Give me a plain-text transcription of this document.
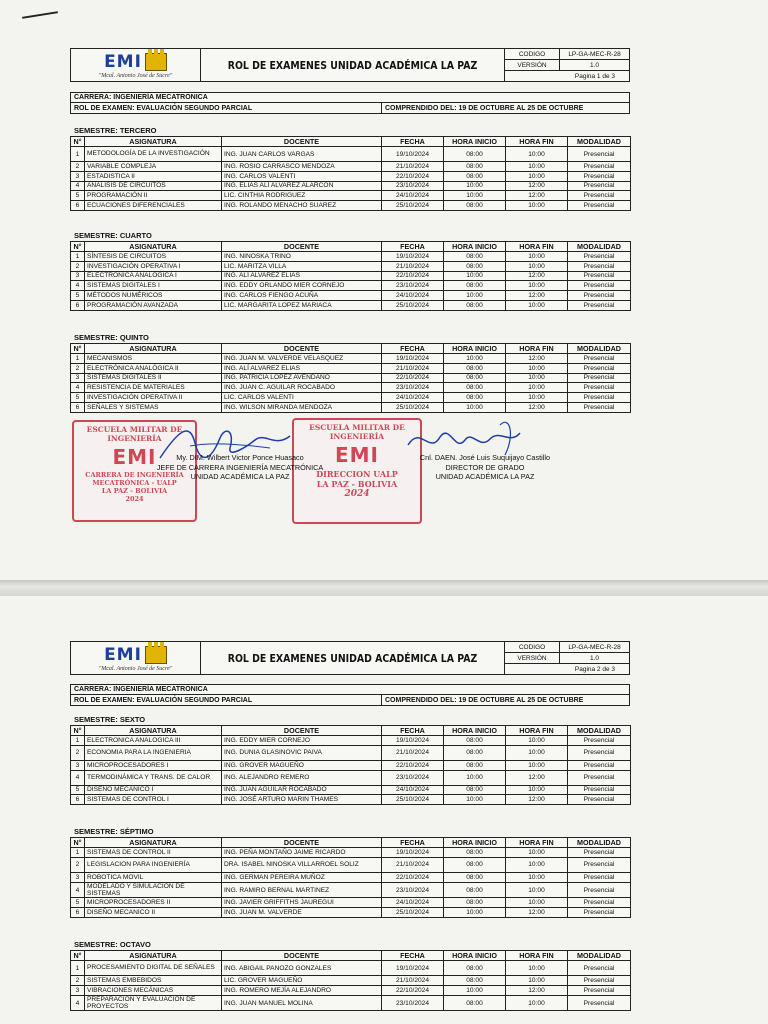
EMI
"Mcal. Antonio José de Sucre"
ROL DE EXAMENES UNIDAD ACADÉMICA LA PAZ
CODIGO	LP-GA-MEC-R-28
VERSIÓN	1.0
Pagina 1 de 3
CARRERA: INGENIERÍA MECATRÓNICA
ROL DE EXAMEN: EVALUACIÓN SEGUNDO PARCIAL	COMPRENDIDO DEL: 19 DE OCTUBRE AL 25 DE OCTUBRE
SEMESTRE: TERCERO
N°	ASIGNATURA	DOCENTE	FECHA	HORA INICIO	HORA FIN	MODALIDAD
1	METODOLOGÍA DE LA INVESTIGACIÓN	ING. JUAN CARLOS VARGAS	19/10/2024	08:00	10:00	Presencial
2	VARIABLE COMPLEJA	ING. ROSIO CARRASCO MENDOZA	21/10/2024	08:00	10:00	Presencial
3	ESTADISTICA II	ING. CARLOS VALENTI	22/10/2024	08:00	10:00	Presencial
4	ANÁLISIS DE CIRCUITOS	ING. ELIAS ALÍ ALVAREZ ALARCON	23/10/2024	10:00	12:00	Presencial
5	PROGRAMACIÓN II	LIC. CINTHIA RODRIGUEZ	24/10/2024	10:00	12:00	Presencial
6	ECUACIONES DIFERENCIALES	ING. ROLANDO MENACHO SUAREZ	25/10/2024	08:00	10:00	Presencial
SEMESTRE: CUARTO
N°	ASIGNATURA	DOCENTE	FECHA	HORA INICIO	HORA FIN	MODALIDAD
1	SÍNTESIS DE CIRCUITOS	ING. NINOSKA TRINO	19/10/2024	08:00	10:00	Presencial
2	INVESTIGACIÓN OPERATIVA I	LIC. MARITZA VILLA	21/10/2024	08:00	10:00	Presencial
3	ELECTRÓNICA ANALÓGICA I	ING. ALÍ ALVAREZ ELIAS	22/10/2024	10:00	12:00	Presencial
4	SISTEMAS DIGITALES I	ING. EDDY ORLANDO MIER CORNEJO	23/10/2024	08:00	10:00	Presencial
5	MÉTODOS NUMÉRICOS	ING. CARLOS FIENGO ACUÑA	24/10/2024	10:00	12:00	Presencial
6	PROGRAMACIÓN AVANZADA	LIC. MARGARITA LOPEZ MARIACA	25/10/2024	08:00	10:00	Presencial
SEMESTRE: QUINTO
N°	ASIGNATURA	DOCENTE	FECHA	HORA INICIO	HORA FIN	MODALIDAD
1	MECANISMOS	ING. JUAN M. VALVERDE VELASQUEZ	19/10/2024	10:00	12:00	Presencial
2	ELECTRÓNICA ANALÓGICA II	ING. ALÍ ALVAREZ ELIAS	21/10/2024	08:00	10:00	Presencial
3	SISTEMAS DIGITALES II	ING. PATRICIA LOPEZ AVENDAÑO	22/10/2024	08:00	10:00	Presencial
4	RESISTENCIA DE MATERIALES	ING. JUAN C. AGUILAR ROCABADO	23/10/2024	08:00	10:00	Presencial
5	INVESTIGACIÓN OPERATIVA II	LIC. CARLOS VALENTI	24/10/2024	08:00	10:00	Presencial
6	SEÑALES Y SISTEMAS	ING. WILSON MIRANDA MENDOZA	25/10/2024	10:00	12:00	Presencial
ESCUELA MILITAR DE INGENIERÍA
EMI
CARRERA DE INGENIERÍA
MECATRÓNICA - UALP
LA PAZ - BOLIVIA
2024
ESCUELA MILITAR DE INGENIERÍA
EMI
DIRECCION UALP
LA PAZ - BOLIVIA
2024
My. DIM. Wilbert Victor Ponce Huasaco
JEFE DE CARRERA INGENIERÍA MECATRÓNICA
UNIDAD ACADÉMICA LA PAZ
Cnl. DAEN. José Luis Suquijayo Castillo
DIRECTOR DE GRADO
UNIDAD ACADÉMICA LA PAZ
EMI
"Mcal. Antonio José de Sucre"
ROL DE EXAMENES UNIDAD ACADÉMICA LA PAZ
CODIGO	LP-GA-MEC-R-28
VERSIÓN	1.0
Pagina 2 de 3
CARRERA: INGENIERÍA MECATRÓNICA
ROL DE EXAMEN: EVALUACIÓN SEGUNDO PARCIAL	COMPRENDIDO DEL: 19 DE OCTUBRE AL 25 DE OCTUBRE
SEMESTRE: SEXTO
N°	ASIGNATURA	DOCENTE	FECHA	HORA INICIO	HORA FIN	MODALIDAD
1	ELECTRONICA ANALOGICA III	ING. EDDY MIER CORNEJO	19/10/2024	08:00	10:00	Presencial
2	ECONOMIA PARA LA INGENIERIA	ING. DUNIA GLASINOVIC PAIVA	21/10/2024	08:00	10:00	Presencial
3	MICROPROCESADORES I	ING. GROVER MAGUEÑO	22/10/2024	08:00	10:00	Presencial
4	TERMODINÁMICA Y TRANS. DE CALOR	ING. ALEJANDRO REMERO	23/10/2024	10:00	12:00	Presencial
5	DISEÑO MECANICO I	ING. JUAN AGUILAR ROCABADO	24/10/2024	08:00	10:00	Presencial
6	SISTEMAS DE CONTROL I	ING. JOSÉ ARTURO MARIN THAMES	25/10/2024	10:00	12:00	Presencial
SEMESTRE: SÉPTIMO
N°	ASIGNATURA	DOCENTE	FECHA	HORA INICIO	HORA FIN	MODALIDAD
1	SISTEMAS DE CONTROL II	ING. PEÑA MONTAÑO JAIME RICARDO	19/10/2024	08:00	10:00	Presencial
2	LEGISLACION PARA INGENIERÍA	DRA. ISABEL NINOSKA VILLARROEL SOLIZ	21/10/2024	08:00	10:00	Presencial
3	ROBOTICA MOVIL	ING. GERMAN PEREIRA MUÑOZ	22/10/2024	08:00	10:00	Presencial
4	MODELADO Y SIMULACION DE SISTEMAS	ING. RAMIRO BERNAL MARTINEZ	23/10/2024	08:00	10:00	Presencial
5	MICROPROCESADORES II	ING. JAVIER GRIFFITHS JAUREGUI	24/10/2024	08:00	10:00	Presencial
6	DISEÑO MECANICO II	ING. JUAN M. VALVERDE	25/10/2024	10:00	12:00	Presencial
SEMESTRE: OCTAVO
N°	ASIGNATURA	DOCENTE	FECHA	HORA INICIO	HORA FIN	MODALIDAD
1	PROCESAMIENTO DIGITAL DE SEÑALES	ING. ABIGAIL PANOZO GONZALES	19/10/2024	08:00	10:00	Presencial
2	SISTEMAS EMBEBIDOS	LIC. GROVER MAGUEÑO	21/10/2024	08:00	10:00	Presencial
3	VIBRACIONES MECÁNICAS	ING. ROMERO MEJÍA ALEJANDRO	22/10/2024	10:00	12:00	Presencial
4	PREPARACIÓN Y EVALUACION DE PROYECTOS	ING. JUAN MANUEL MOLINA	23/10/2024	08:00	10:00	Presencial
